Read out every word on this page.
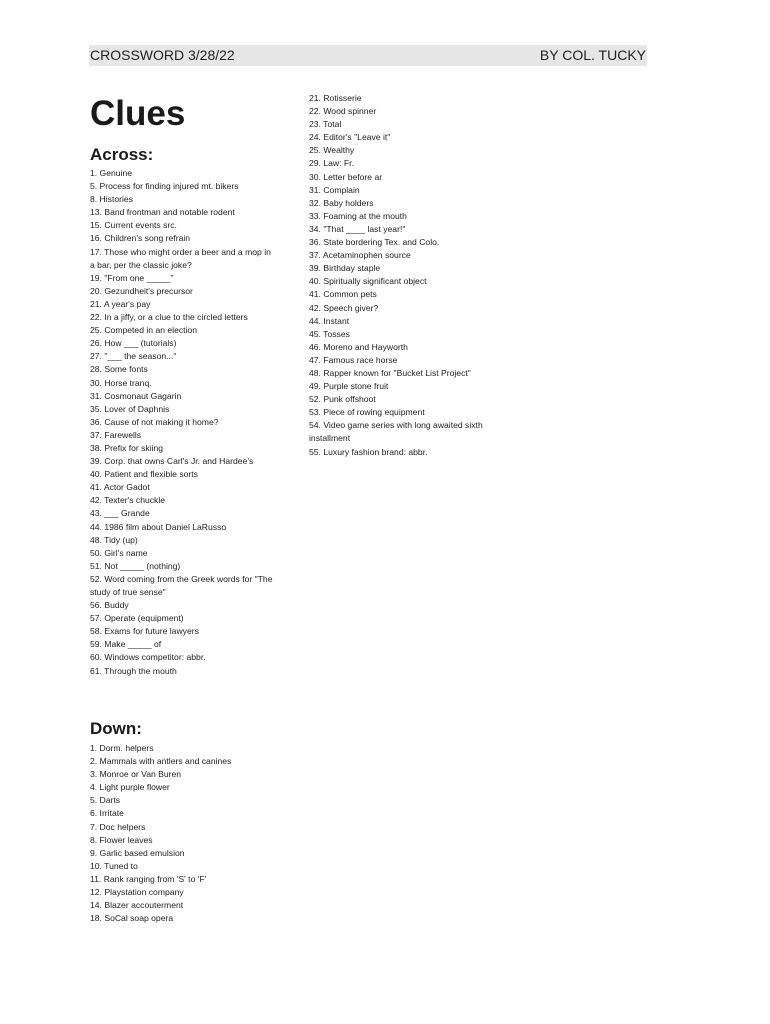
CROSSWORD 3/28/22	BY COL. TUCKY
Clues
Across:
1. Genuine
5. Process for finding injured mt. bikers
8. Histories
13. Band frontman and notable rodent
15. Current events src.
16. Children's song refrain
17. Those who might order a beer and a mop in a bar, per the classic joke?
19. "From one _____"
20. Gezundheit's precursor
21. A year's pay
22. In a jiffy, or a clue to the circled letters
25. Competed in an election
26. How ___ (tutorials)
27. "___ the season..."
28. Some fonts
30. Horse tranq.
31. Cosmonaut Gagarin
35. Lover of Daphnis
36. Cause of not making it home?
37. Farewells
38. Prefix for skiing
39. Corp. that owns Carl's Jr. and Hardee's
40. Patient and flexible sorts
41. Actor Gadot
42. Texter's chuckle
43. ___ Grande
44. 1986 film about Daniel LaRusso
48. Tidy (up)
50. Girl's name
51. Not _____ (nothing)
52. Word coming from the Greek words for "The study of true sense"
56. Buddy
57. Operate (equipment)
58. Exams for future lawyers
59. Make _____ of
60. Windows competitor: abbr.
61. Through the mouth
21. Rotisserie
22. Wood spinner
23. Total
24. Editor's "Leave it"
25. Wealthy
29. Law: Fr.
30. Letter before ar
31. Complain
32. Baby holders
33. Foaming at the mouth
34. "That ____ last year!"
36. State bordering Tex. and Colo.
37. Acetaminophen source
39. Birthday staple
40. Spiritually significant object
41. Common pets
42. Speech giver?
44. Instant
45. Tosses
46. Moreno and Hayworth
47. Famous race horse
48. Rapper known for "Bucket List Project"
49. Purple stone fruit
52. Punk offshoot
53. Piece of rowing equipment
54. Video game series with long awaited sixth installment
55. Luxury fashion brand: abbr.
Down:
1. Dorm. helpers
2. Mammals with antlers and canines
3. Monroe or Van Buren
4. Light purple flower
5. Darts
6. Irritate
7. Doc helpers
8. Flower leaves
9. Garlic based emulsion
10. Tuned to
11. Rank ranging from 'S' to 'F'
12. Playstation company
14. Blazer accouterment
18. SoCal soap opera
